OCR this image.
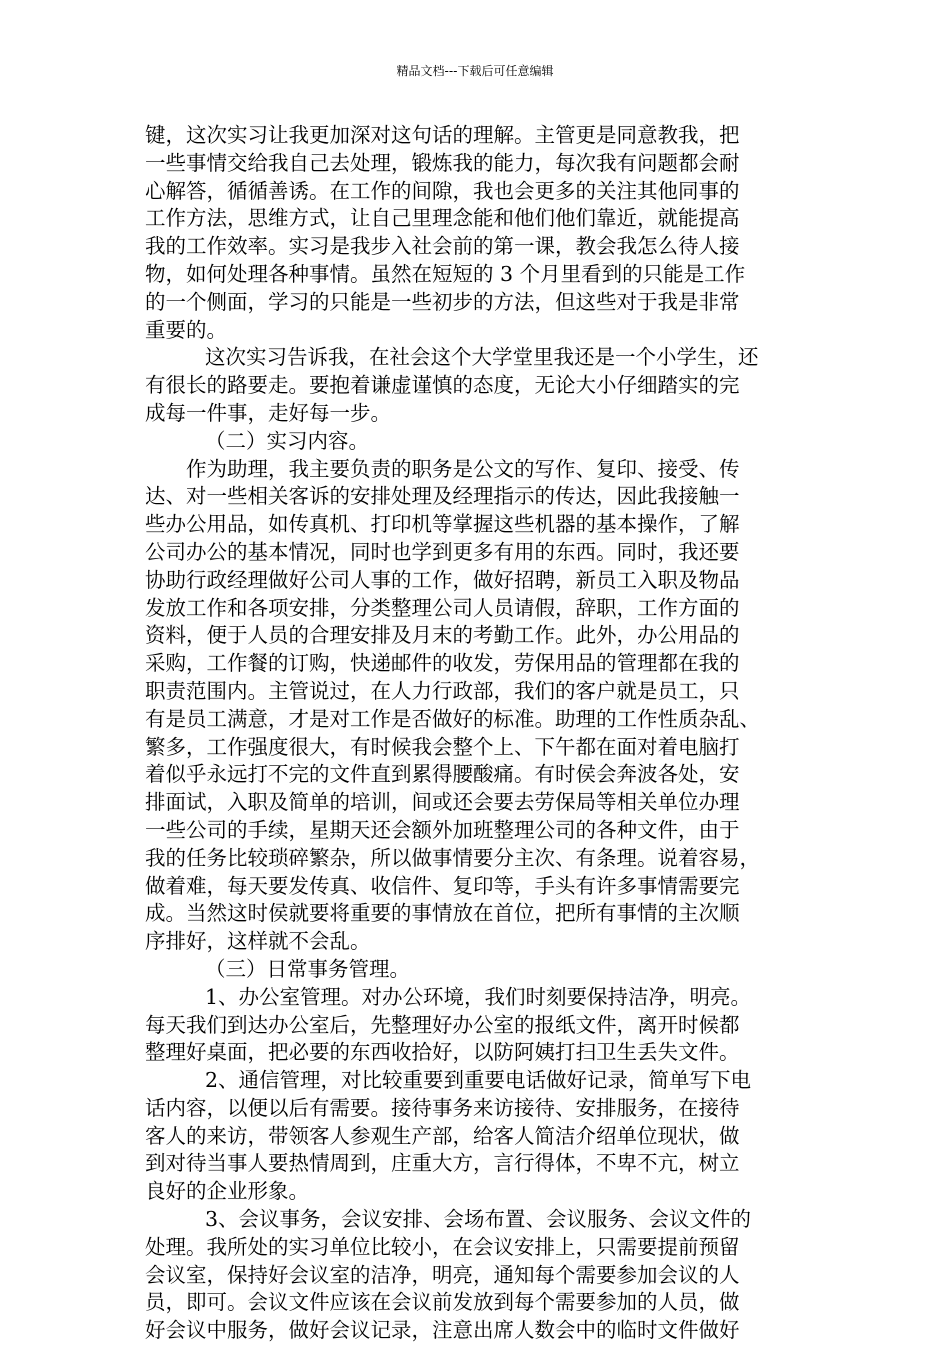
精品文档---下载后可任意编辑
键，这次实习让我更加深对这句话的理解。主管更是同意教我，把
一些事情交给我自己去处理，锻炼我的能力，每次我有问题都会耐
心解答，循循善诱。在工作的间隙，我也会更多的关注其他同事的
工作方法，思维方式，让自己里理念能和他们他们靠近，就能提高
我的工作效率。实习是我步入社会前的第一课，教会我怎么待人接
物，如何处理各种事情。虽然在短短的 3 个月里看到的只能是工作
的一个侧面，学习的只能是一些初步的方法，但这些对于我是非常
重要的。
这次实习告诉我，在社会这个大学堂里我还是一个小学生，还
有很长的路要走。要抱着谦虚谨慎的态度，无论大小仔细踏实的完
成每一件事，走好每一步。
（二）实习内容。
作为助理，我主要负责的职务是公文的写作、复印、接受、传
达、对一些相关客诉的安排处理及经理指示的传达，因此我接触一
些办公用品，如传真机、打印机等掌握这些机器的基本操作，了解
公司办公的基本情况，同时也学到更多有用的东西。同时，我还要
协助行政经理做好公司人事的工作，做好招聘，新员工入职及物品
发放工作和各项安排，分类整理公司人员请假，辞职，工作方面的
资料，便于人员的合理安排及月末的考勤工作。此外，办公用品的
采购，工作餐的订购，快递邮件的收发，劳保用品的管理都在我的
职责范围内。主管说过，在人力行政部，我们的客户就是员工，只
有是员工满意，才是对工作是否做好的标准。助理的工作性质杂乱、
繁多，工作强度很大，有时候我会整个上、下午都在面对着电脑打
着似乎永远打不完的文件直到累得腰酸痛。有时侯会奔波各处，安
排面试，入职及简单的培训，间或还会要去劳保局等相关单位办理
一些公司的手续，星期天还会额外加班整理公司的各种文件，由于
我的任务比较琐碎繁杂，所以做事情要分主次、有条理。说着容易，
做着难，每天要发传真、收信件、复印等，手头有许多事情需要完
成。当然这时侯就要将重要的事情放在首位，把所有事情的主次顺
序排好，这样就不会乱。
（三）日常事务管理。
1、办公室管理。对办公环境，我们时刻要保持洁净，明亮。
每天我们到达办公室后，先整理好办公室的报纸文件，离开时候都
整理好桌面，把必要的东西收拾好，以防阿姨打扫卫生丢失文件。
2、通信管理，对比较重要到重要电话做好记录，简单写下电
话内容，以便以后有需要。接待事务来访接待、安排服务，在接待
客人的来访，带领客人参观生产部，给客人简洁介绍单位现状，做
到对待当事人要热情周到，庄重大方，言行得体，不卑不亢，树立
良好的企业形象。
3、会议事务，会议安排、会场布置、会议服务、会议文件的
处理。我所处的实习单位比较小，在会议安排上，只需要提前预留
会议室，保持好会议室的洁净，明亮，通知每个需要参加会议的人
员，即可。会议文件应该在会议前发放到每个需要参加的人员，做
好会议中服务，做好会议记录，注意出席人数会中的临时文件做好
